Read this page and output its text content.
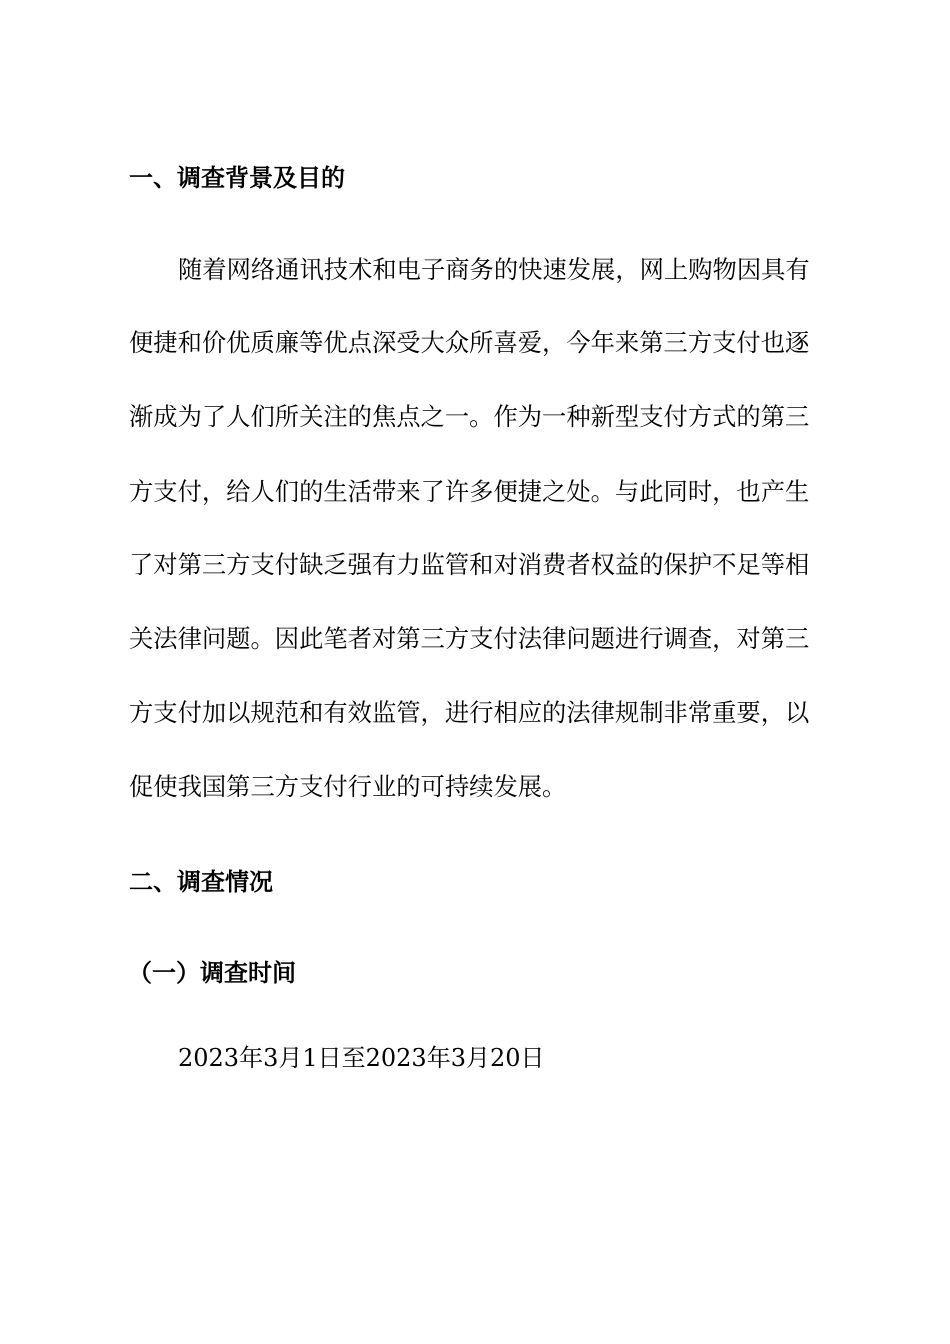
一、调查背景及目的

随着网络通讯技术和电子商务的快速发展，网上购物因具有

便捷和价优质廉等优点深受大众所喜爱，今年来第三方支付也逐

渐成为了人们所关注的焦点之一。作为一种新型支付方式的第三

方支付，给人们的生活带来了许多便捷之处。与此同时，也产生

了对第三方支付缺乏强有力监管和对消费者权益的保护不足等相

关法律问题。因此笔者对第三方支付法律问题进行调查，对第三

方支付加以规范和有效监管，进行相应的法律规制非常重要，以

促使我国第三方支付行业的可持续发展。

二、调查情况
（一）调查时间

2023年3月1日至2023年3月20日
